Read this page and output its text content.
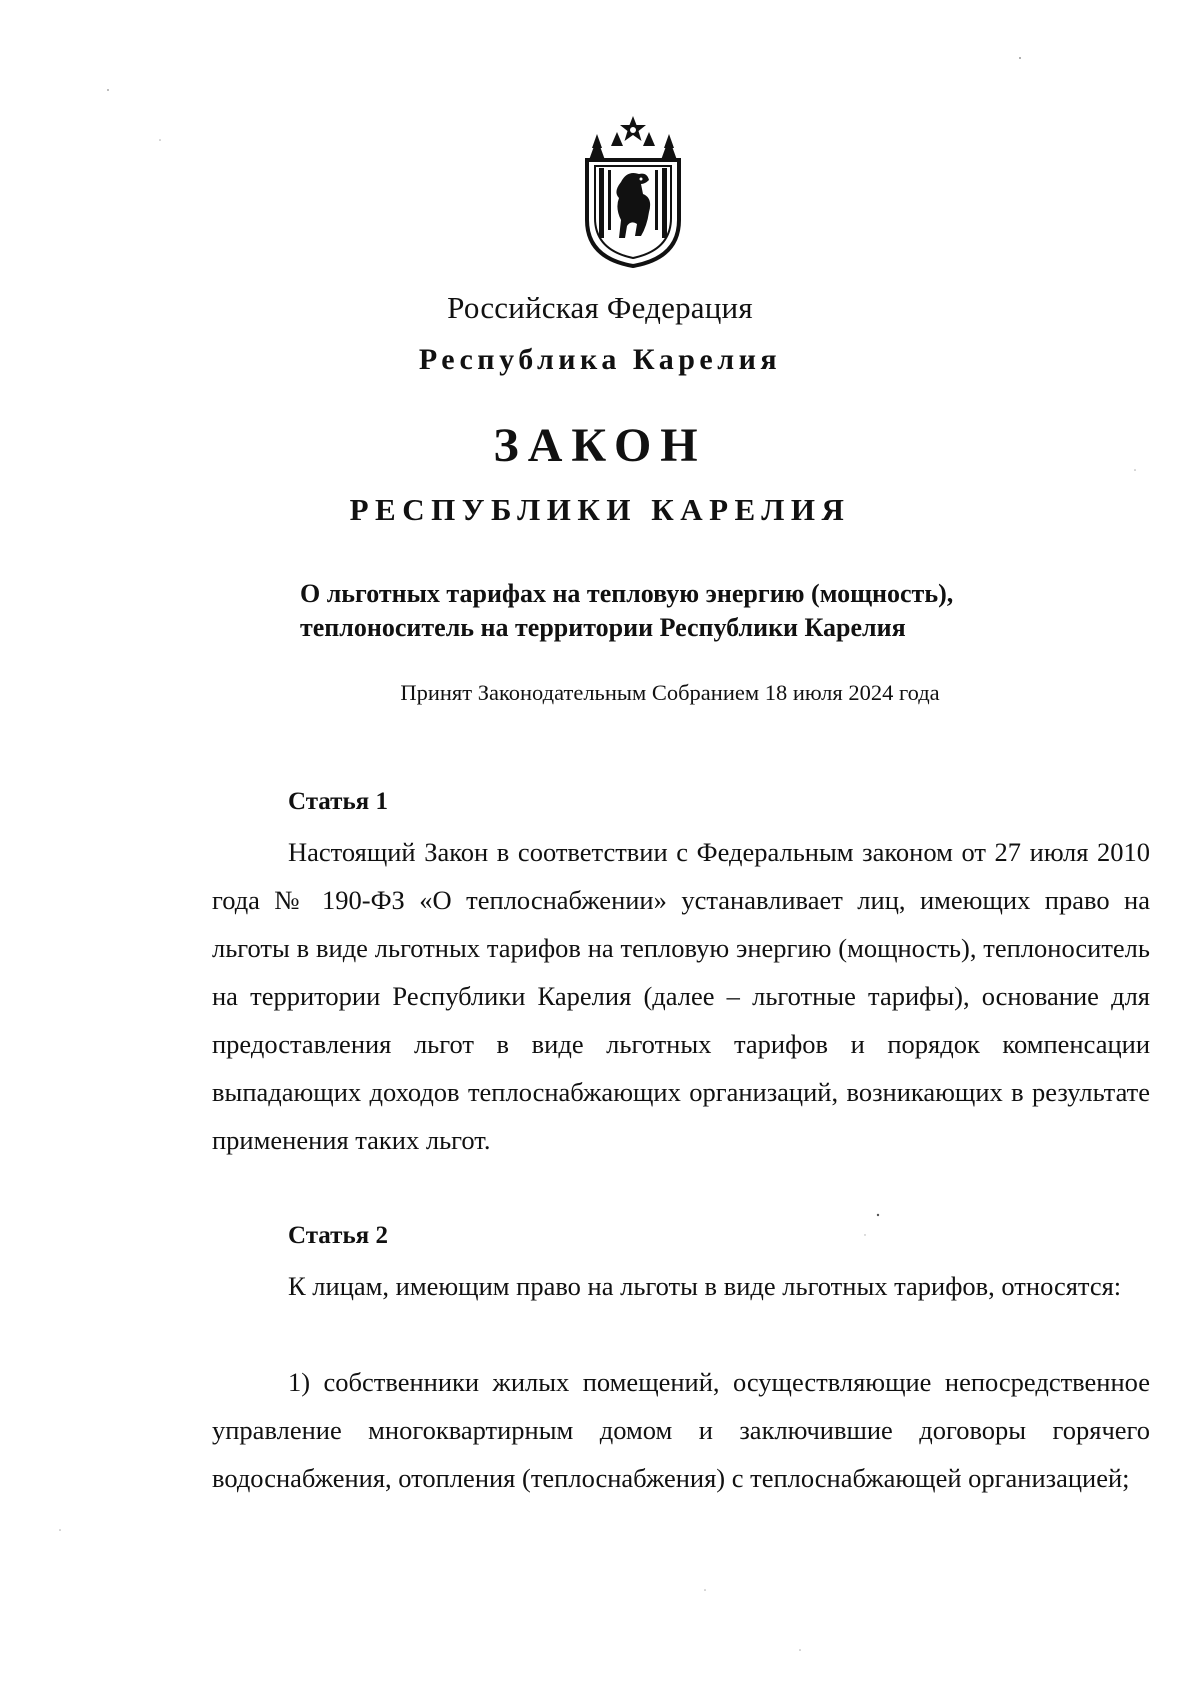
Российская Федерация
Республика Карелия
ЗАКОН
РЕСПУБЛИКИ КАРЕЛИЯ
О льготных тарифах на тепловую энергию (мощность),
теплоноситель на территории Республики Карелия
Принят Законодательным Собранием 18 июля 2024 года
Статья 1
Настоящий Закон в соответствии с Федеральным законом от 27 июля 2010 года № 190-ФЗ «О теплоснабжении» устанавливает лиц, имеющих право на льготы в виде льготных тарифов на тепловую энергию (мощность), теплоноситель на территории Республики Карелия (далее – льготные тарифы), основание для предоставления льгот в виде льготных тарифов и порядок компенсации выпадающих доходов теплоснабжающих организаций, возникающих в результате применения таких льгот.
Статья 2
К лицам, имеющим право на льготы в виде льготных тарифов, относятся:
1) собственники жилых помещений, осуществляющие непосредственное управление многоквартирным домом и заключившие договоры горячего водоснабжения, отопления (теплоснабжения) с теплоснабжающей организацией;
